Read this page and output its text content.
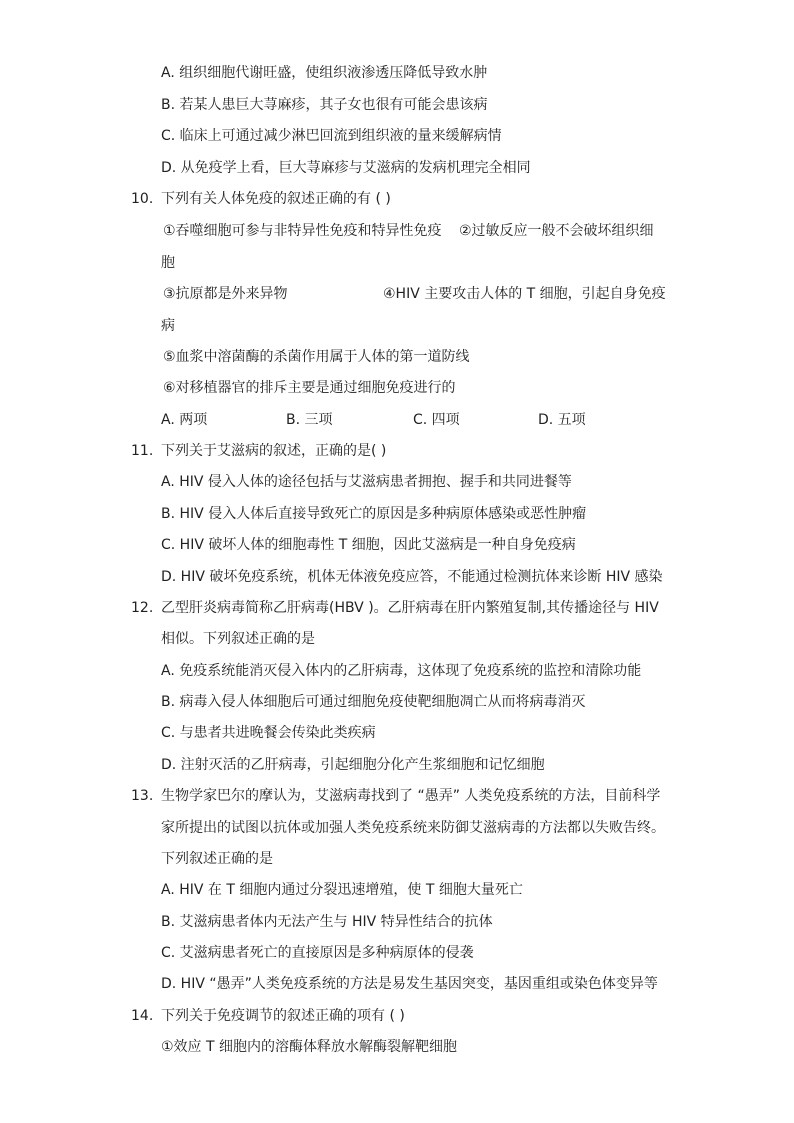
A. 组织细胞代谢旺盛，使组织液渗透压降低导致水肿
B. 若某人患巨大荨麻疹，其子女也很有可能会患该病
C. 临床上可通过减少淋巴回流到组织液的量来缓解病情
D. 从免疫学上看，巨大荨麻疹与艾滋病的发病机理完全相同
10. 下列有关人体免疫的叙述正确的有 ( )
①吞噬细胞可参与非特异性免疫和特异性免疫 ②过敏反应一般不会破坏组织细
胞
③抗原都是外来异物	④HIV 主要攻击人体的 T 细胞，引起自身免疫
病
⑤血浆中溶菌酶的杀菌作用属于人体的第一道防线
⑥对移植器官的排斥主要是通过细胞免疫进行的
A. 两项	B. 三项	C. 四项	D. 五项
11. 下列关于艾滋病的叙述，正确的是( )
A. HIV 侵入人体的途径包括与艾滋病患者拥抱、握手和共同进餐等
B. HIV 侵入人体后直接导致死亡的原因是多种病原体感染或恶性肿瘤
C. HIV 破坏人体的细胞毒性 T 细胞，因此艾滋病是一种自身免疫病
D. HIV 破坏免疫系统，机体无体液免疫应答，不能通过检测抗体来诊断 HIV 感染
12. 乙型肝炎病毒简称乙肝病毒(HBV )。乙肝病毒在肝内繁殖复制,其传播途径与 HIV
相似。下列叙述正确的是
A. 免疫系统能消灭侵入体内的乙肝病毒，这体现了免疫系统的监控和清除功能
B. 病毒入侵人体细胞后可通过细胞免疫使靶细胞凋亡从而将病毒消灭
C. 与患者共进晚餐会传染此类疾病
D. 注射灭活的乙肝病毒，引起细胞分化产生浆细胞和记忆细胞
13. 生物学家巴尔的摩认为，艾滋病毒找到了 “愚弄” 人类免疫系统的方法，目前科学
家所提出的试图以抗体或加强人类免疫系统来防御艾滋病毒的方法都以失败告终。
下列叙述正确的是
A. HIV 在 T 细胞内通过分裂迅速增殖，使 T 细胞大量死亡
B. 艾滋病患者体内无法产生与 HIV 特异性结合的抗体
C. 艾滋病患者死亡的直接原因是多种病原体的侵袭
D. HIV “愚弄”人类免疫系统的方法是易发生基因突变，基因重组或染色体变异等
14. 下列关于免疫调节的叙述正确的项有 ( )
①效应 T 细胞内的溶酶体释放水解酶裂解靶细胞
